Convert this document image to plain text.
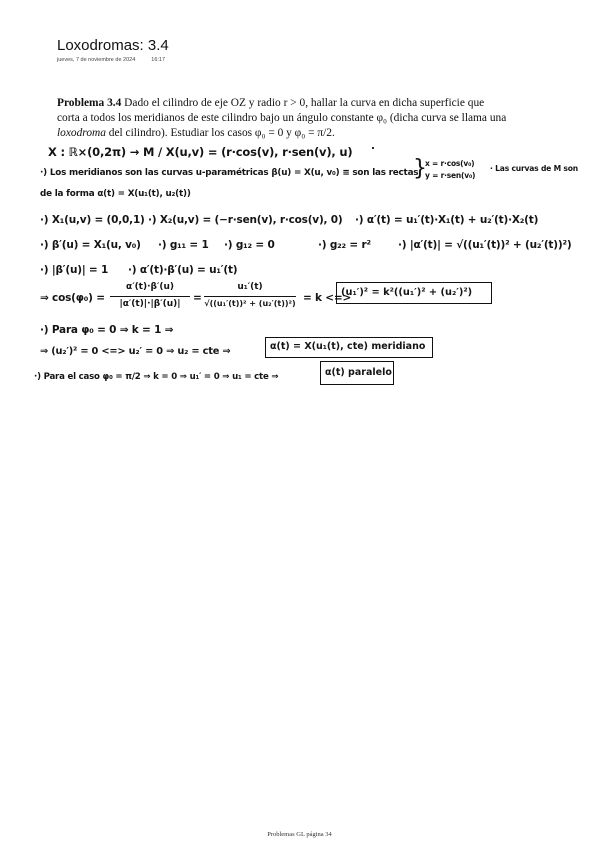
Loxodromas: 3.4
jueves, 7 de noviembre de 2024	16:17
Problema 3.4 Dado el cilindro de eje OZ y radio r > 0, hallar la curva en dicha superficie que
corta a todos los meridianos de este cilindro bajo un ángulo constante φ₀ (dicha curva se llama una
loxodroma del cilindro). Estudiar los casos φ₀ = 0 y φ₀ = π/2.
X : ℝ×(0,2π) → M / X(u,v) = (r·cos(v), r·sen(v), u) .
·) Los meridianos son las curvas u-paramétricas β(u) = X(u, v₀) ≡ son las rectas
}
x = r·cos(v₀)
y = r·sen(v₀)
· Las curvas de M son
de la forma α(t) = X(u₁(t), u₂(t))
·) X₁(u,v) = (0,0,1) ·) X₂(u,v) = (−r·sen(v), r·cos(v), 0) ·) α′(t) = u₁′(t)·X₁(t) + u₂′(t)·X₂(t)
·) β′(u) = X₁(u, v₀) ·) g₁₁ = 1 ·) g₁₂ = 0	·) g₂₂ = r²	·) |α′(t)| = √((u₁′(t))² + (u₂′(t))²)
·) |β′(u)| = 1 ·) α′(t)·β′(u) = u₁′(t)
⇒ cos(φ₀) =
α′(t)·β′(u)
|α′(t)|·|β′(u)|	=
u₁′(t)
√((u₁′(t))² + (u₂′(t))²) = k <=>
(u₁′)² = k²((u₁′)² + (u₂′)²)
·) Para φ₀ = 0 ⇒ k = 1 ⇒
⇒ (u₂′)² = 0 <=> u₂′ = 0 ⇒ u₂ = cte ⇒	α(t) = X(u₁(t), cte) meridiano
·) Para el caso φ₀ = π/2 ⇒ k = 0 ⇒ u₁′ = 0 ⇒ u₁ = cte ⇒	α(t) paralelo
Problemas GL página 34
